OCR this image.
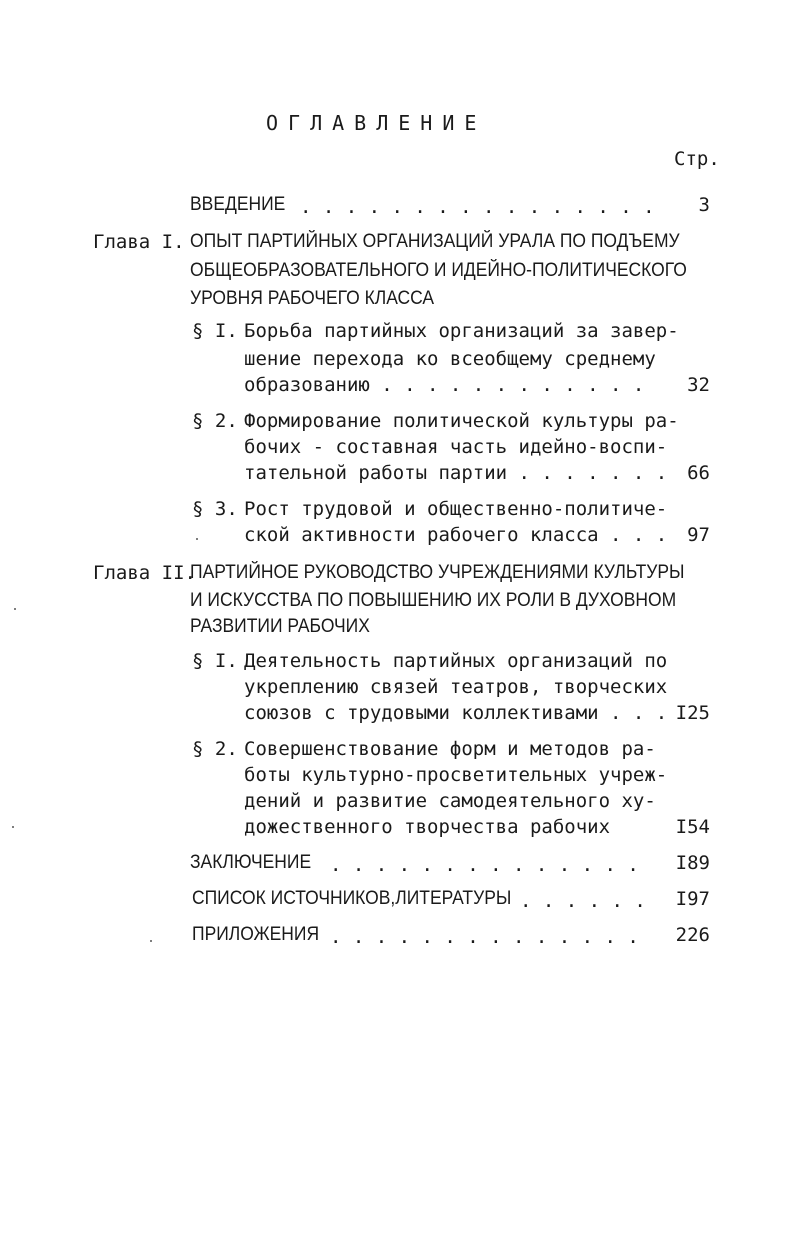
ОГЛАВЛЕНИЕ
Стр.
ВВЕДЕНИЕ . . . . . . . . . . . . . . . .	3
Глава I. ОПЫТ ПАРТИЙНЫХ ОРГАНИЗАЦИЙ УРАЛА ПО ПОДЪЕМУ
ОБЩЕОБРАЗОВАТЕЛЬНОГО И ИДЕЙНО-ПОЛИТИЧЕСКОГО
УРОВНЯ РАБОЧЕГО КЛАССА
§ I. Борьба партийных организаций за завер-
шение перехода ко всеобщему среднему
образованию . . . . . . . . . . . .	32
§ 2. Формирование политической культуры ра-
бочих - составная часть идейно-воспи-
тательной работы партии . . . . . . .	66
§ 3. Рост трудовой и общественно-политиче-
ской активности рабочего класса . . .	97
Глава II.
ПАРТИЙНОЕ РУКОВОДСТВО УЧРЕЖДЕНИЯМИ КУЛЬТУРЫ
И ИСКУССТВА ПО ПОВЫШЕНИЮ ИХ РОЛИ В ДУХОВНОМ
РАЗВИТИИ РАБОЧИХ
§ I. Деятельность партийных организаций по
укреплению связей театров, творческих
союзов с трудовыми коллективами . . . I25
§ 2. Совершенствование форм и методов ра-
боты культурно-просветительных учреж-
дений и развитие самодеятельного ху-
дожественного творчества рабочих	I54
ЗАКЛЮЧЕНИЕ . . . . . . . . . . . . . .	I89
СПИСОК ИСТОЧНИКОВ,ЛИТЕРАТУРЫ . . . . . .	I97
ПРИЛОЖЕНИЯ . . . . . . . . . . . . . .	226
